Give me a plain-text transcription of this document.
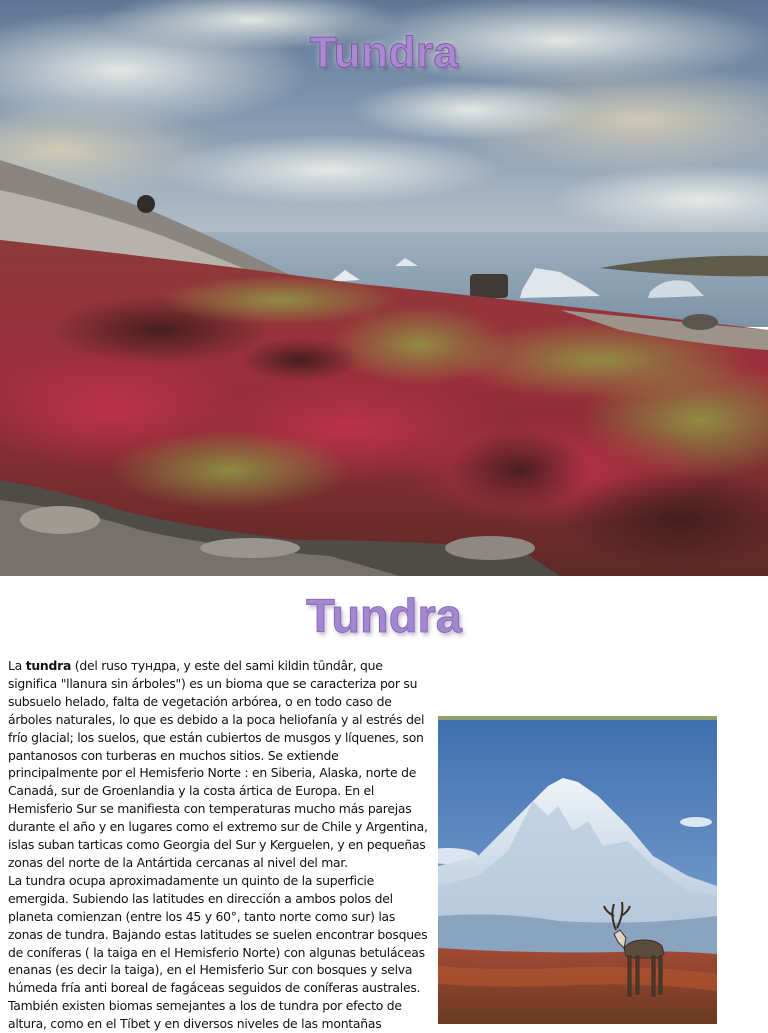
Tundra
Tundra

La tundra (del ruso тундра, y este del sami kildin tūndâr, que significa "llanura sin árboles") es un bioma que se caracteriza por su subsuelo helado, falta de vegetación arbórea, o en todo caso de árboles naturales, lo que es debido a la poca heliofanía y al estrés del frío glacial; los suelos, que están cubiertos de musgos y líquenes, son pantanosos con turberas en muchos sitios. Se extiende principalmente por el Hemisferio Norte : en Siberia, Alaska, norte de Canadá, sur de Groenlandia y la costa ártica de Europa. En el Hemisferio Sur se manifiesta con temperaturas mucho más parejas durante el año y en lugares como el extremo sur de Chile y Argentina, islas suban tarticas como Georgia del Sur y Kerguelen, y en pequeñas zonas del norte de la Antártida cercanas al nivel del mar.

La tundra ocupa aproximadamente un quinto de la superficie emergida. Subiendo las latitudes en dirección a ambos polos del planeta comienzan (entre los 45 y 60°, tanto norte como sur) las zonas de tundra. Bajando estas latitudes se suelen encontrar bosques de coníferas ( la taiga en el Hemisferio Norte) con algunas betuláceas enanas (es decir la taiga), en el Hemisferio Sur con bosques y selva húmeda fría anti boreal de fagáceas seguidos de coníferas australes. También existen biomas semejantes a los de tundra por efecto de altura, como en el Tíbet y en diversos niveles de las montañas
